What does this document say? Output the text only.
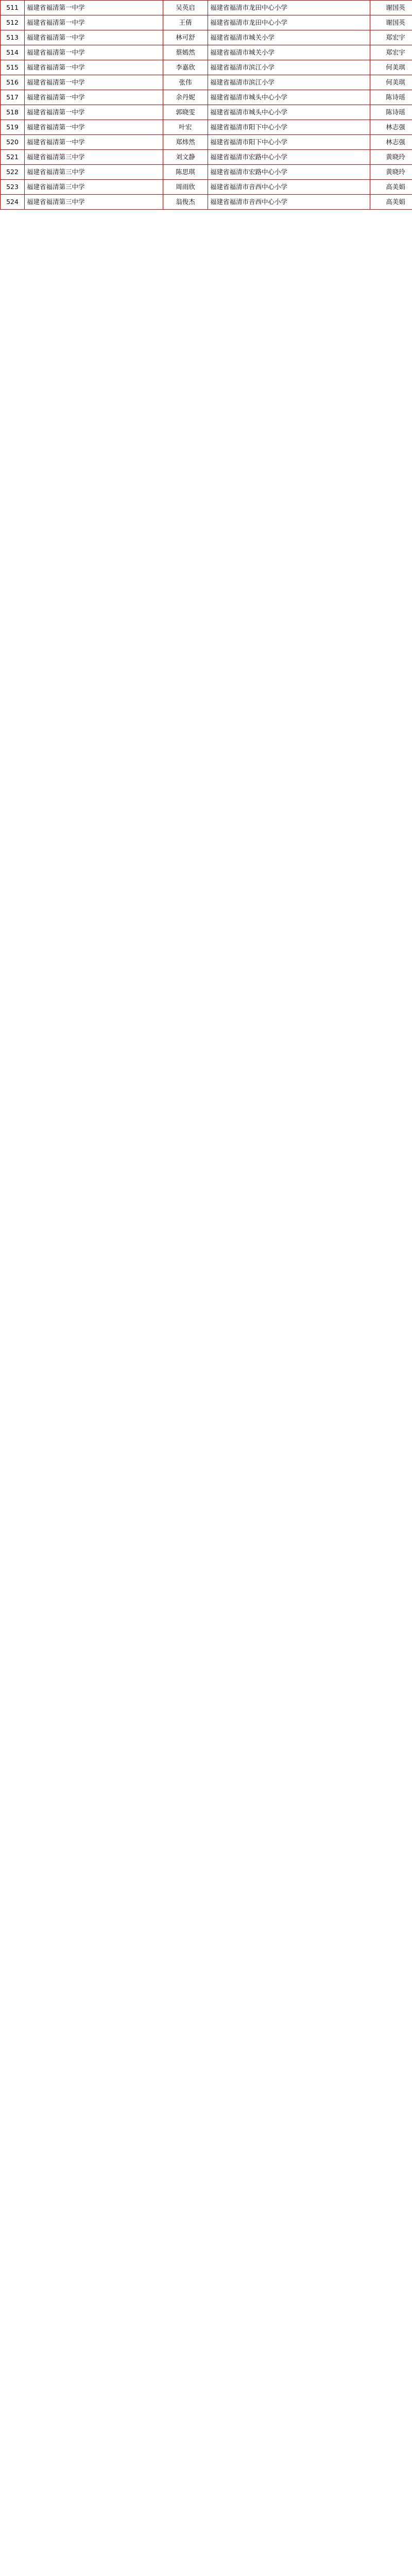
511	福建省福清第一中学	吴英启	福建省福清市龙田中心小学	谢国英
512	福建省福清第一中学	王倩	福建省福清市龙田中心小学	谢国英
513	福建省福清第一中学	林可舒	福建省福清市城关小学	郑宏宇
514	福建省福清第一中学	蔡嫣然	福建省福清市城关小学	郑宏宇
515	福建省福清第一中学	李嘉欣	福建省福清市滨江小学	何美琪
516	福建省福清第一中学	张伟	福建省福清市滨江小学	何美琪
517	福建省福清第一中学	余丹妮	福建省福清市城头中心小学	陈诗瑶
518	福建省福清第一中学	郭晓雯	福建省福清市城头中心小学	陈诗瑶
519	福建省福清第一中学	叶宏	福建省福清市阳下中心小学	林志强
520	福建省福清第一中学	郑炜然	福建省福清市阳下中心小学	林志强
521	福建省福清第三中学	刘文静	福建省福清市宏路中心小学	黄晓玲
522	福建省福清第三中学	陈思琪	福建省福清市宏路中心小学	黄晓玲
523	福建省福清第三中学	周雨欣	福建省福清市音西中心小学	高美娟
524	福建省福清第三中学	翁俊杰	福建省福清市音西中心小学	高美娟
